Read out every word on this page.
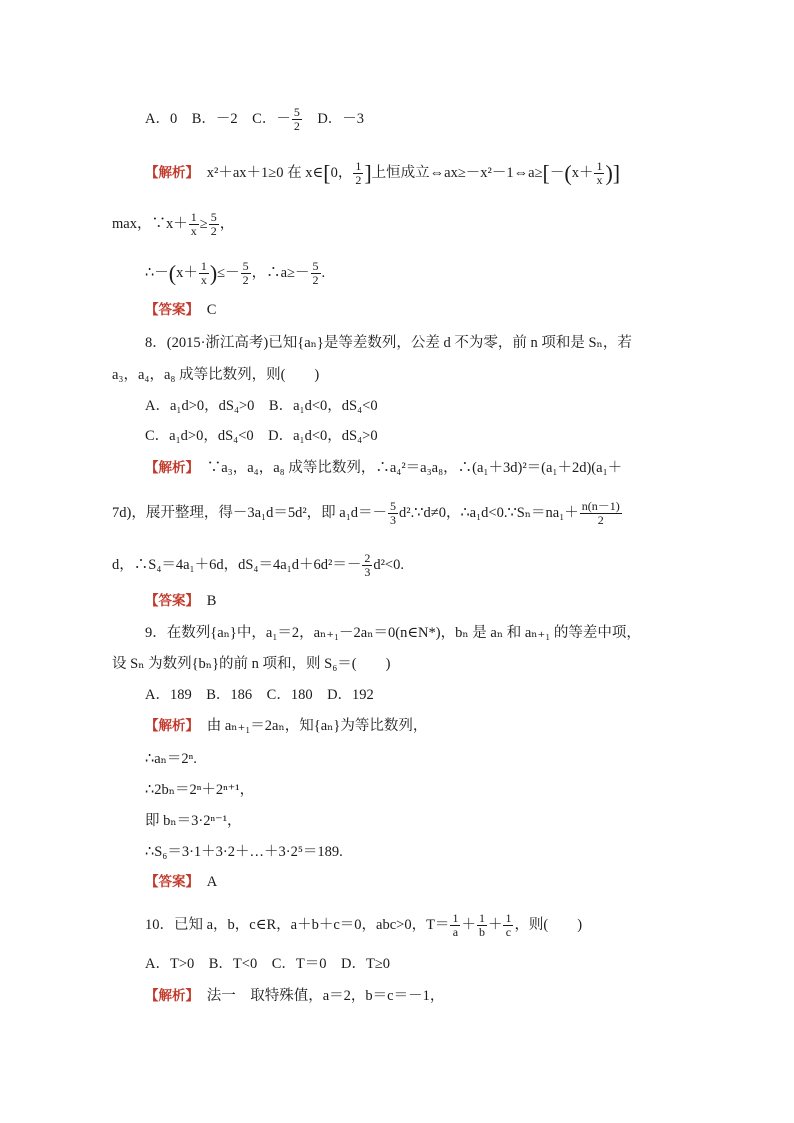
A．0　B．－2　C．－ $\frac{5}{2}$
　 D．－3
【解析】　 x²＋ax＋1≥0 在 x∈[0， $\frac{1}{2}$ ]上恒成立⇔ax≥－x²－1⇔a≥[－(x＋ $\frac{1}{x}$ )]
max，∵x＋ $\frac{1}{x} \ge \frac{5}{2}$ ，
∴－(x＋ $\frac{1}{x}$ )≤－ $\frac{5}{2}$ ，∴a≥－ $\frac{5}{2}$ .
【答案】　 C
8．(2015·浙江高考)已知{aₙ}是等差数列，公差 d 不为零，前 n 项和是 Sₙ，若
a₃，a₄，a₈ 成等比数列，则(　　)
A．a₁d>0，dS₄>0　B．a₁d<0，dS₄<0
C．a₁d>0，dS₄<0　D．a₁d<0，dS₄>0
【解析】　 ∵a₃，a₄，a₈ 成等比数列，∴a₄²＝a₃a₈，∴(a₁＋3d)²＝(a₁＋2d)(a₁＋
7d)，展开整理，得－3a₁d＝5d²，即 $a_1d=- \frac{5}{3}$ d².∵d≠0，∴a₁d<0.∵Sₙ＝na₁＋ $\frac{n(n-1)}{2}$
d，∴S₄＝4a₁＋6d，$dS_4=4a_1d+6d^2=- \frac{2}{3} d^2<0$.
【答案】　 B
9．在数列{aₙ}中，a₁＝2，aₙ₊₁－2aₙ＝0(n∈N*)，bₙ 是 aₙ 和 aₙ₊₁ 的等差中项，
设 Sₙ 为数列{bₙ}的前 n 项和，则 S₆＝(　　)
A．189　B．186　C．180　D．192
【解析】　 由 aₙ₊₁＝2aₙ，知{aₙ}为等比数列，
∴aₙ＝2ⁿ.
∴2bₙ＝2ⁿ＋2ⁿ⁺¹，
即 bₙ＝3·2ⁿ⁻¹，
∴S₆＝3·1＋3·2＋…＋3·2⁵＝189.
【答案】　 A
10．已知 a，b，c∈R，a＋b＋c＝0，abc>0，$T= \frac{1}{a} + \frac{1}{b} + \frac{1}{c}$ ，则(　　)
A．T>0　B．T<0　C．T＝0　D．T≥0
【解析】　 法一　取特殊值，a＝2，b＝c＝－1，
